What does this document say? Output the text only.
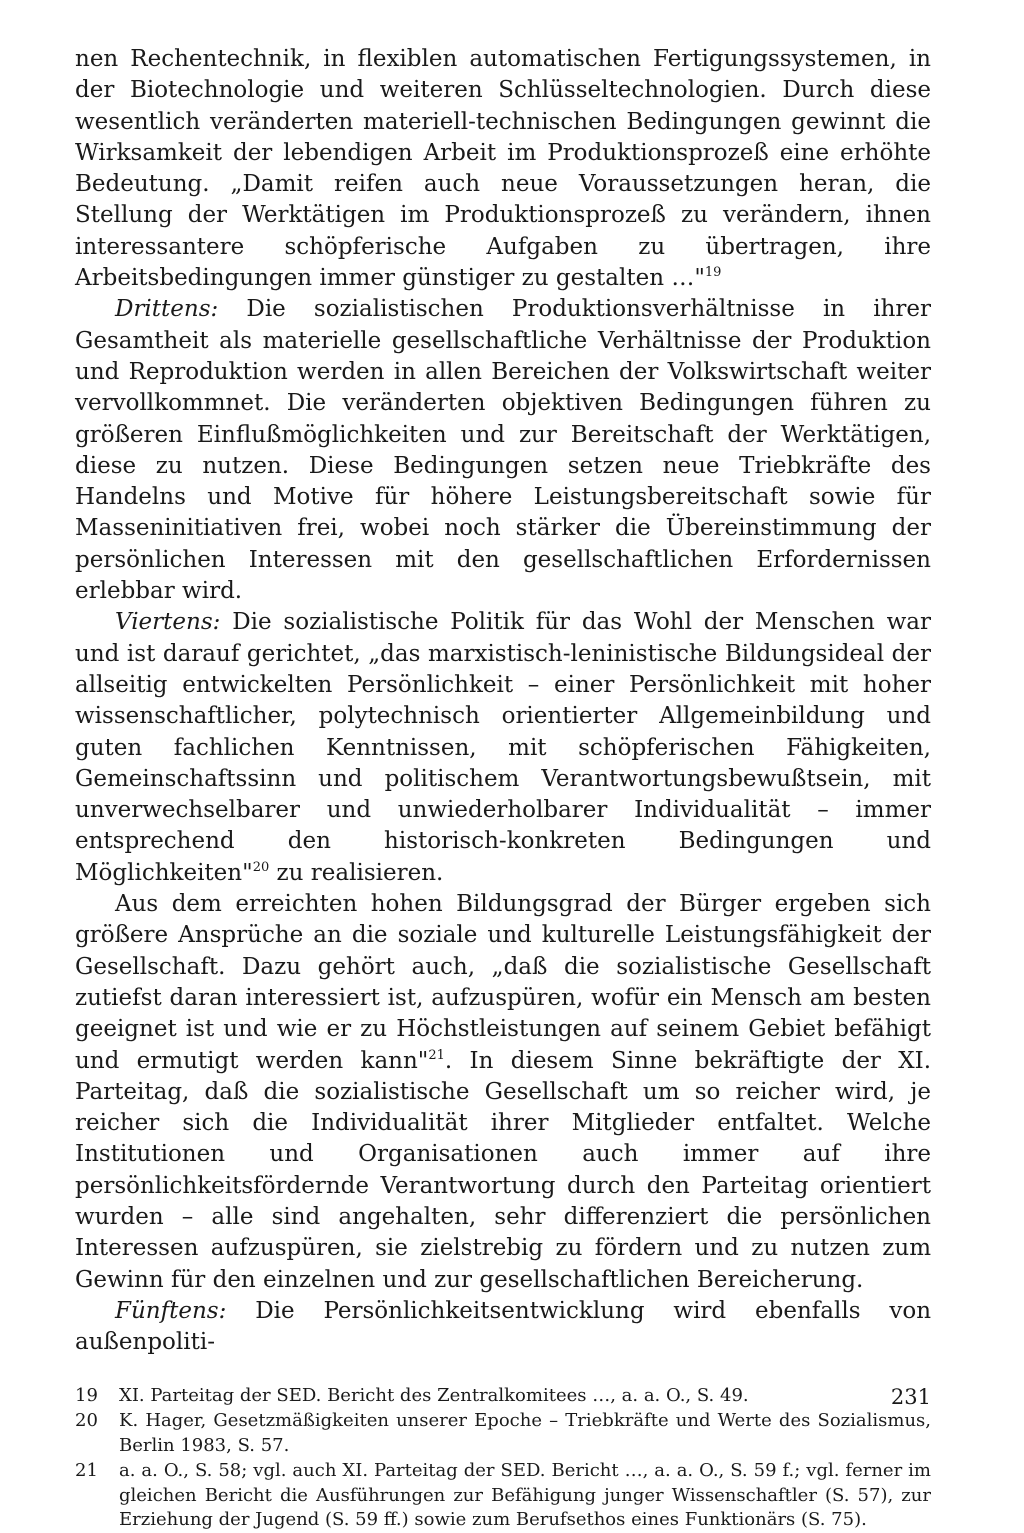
nen Rechentechnik, in flexiblen automatischen Fertigungssystemen, in der Biotechnologie und weiteren Schlüsseltechnologien. Durch diese wesentlich veränderten materiell-technischen Bedingungen gewinnt die Wirksamkeit der lebendigen Arbeit im Produktionsprozeß eine erhöhte Bedeutung. „Damit reifen auch neue Voraussetzungen heran, die Stellung der Werktätigen im Produktionsprozeß zu verändern, ihnen interessantere schöpferische Aufgaben zu übertragen, ihre Arbeitsbedingungen immer günstiger zu gestalten …"$^{19}$

Drittens: Die sozialistischen Produktionsverhältnisse in ihrer Gesamtheit als materielle gesellschaftliche Verhältnisse der Produktion und Reproduktion werden in allen Bereichen der Volkswirtschaft weiter vervollkommnet. Die veränderten objektiven Bedingungen führen zu größeren Einflußmöglichkeiten und zur Bereitschaft der Werktätigen, diese zu nutzen. Diese Bedingungen setzen neue Triebkräfte des Handelns und Motive für höhere Leistungsbereitschaft sowie für Masseninitiativen frei, wobei noch stärker die Übereinstimmung der persönlichen Interessen mit den gesellschaftlichen Erfordernissen erlebbar wird.

Viertens: Die sozialistische Politik für das Wohl der Menschen war und ist darauf gerichtet, „das marxistisch-leninistische Bildungsideal der allseitig entwickelten Persönlichkeit – einer Persönlichkeit mit hoher wissenschaftlicher, polytechnisch orientierter Allgemeinbildung und guten fachlichen Kenntnissen, mit schöpferischen Fähigkeiten, Gemeinschaftssinn und politischem Verantwortungsbewußtsein, mit unverwechselbarer und unwiederholbarer Individualität – immer entsprechend den historisch-konkreten Bedingungen und Möglichkeiten"$^{20}$ zu realisieren.

Aus dem erreichten hohen Bildungsgrad der Bürger ergeben sich größere Ansprüche an die soziale und kulturelle Leistungsfähigkeit der Gesellschaft. Dazu gehört auch, „daß die sozialistische Gesellschaft zutiefst daran interessiert ist, aufzuspüren, wofür ein Mensch am besten geeignet ist und wie er zu Höchstleistungen auf seinem Gebiet befähigt und ermutigt werden kann"$^{21}$. In diesem Sinne bekräftigte der XI. Parteitag, daß die sozialistische Gesellschaft um so reicher wird, je reicher sich die Individualität ihrer Mitglieder entfaltet. Welche Institutionen und Organisationen auch immer auf ihre persönlichkeitsfördernde Verantwortung durch den Parteitag orientiert wurden – alle sind angehalten, sehr differenziert die persönlichen Interessen aufzuspüren, sie zielstrebig zu fördern und zu nutzen zum Gewinn für den einzelnen und zur gesellschaftlichen Bereicherung.

Fünftens: Die Persönlichkeitsentwicklung wird ebenfalls von außenpoliti-

19 XI. Parteitag der SED. Bericht des Zentralkomitees …, a. a. O., S. 49.

20 K. Hager, Gesetzmäßigkeiten unserer Epoche – Triebkräfte und Werte des Sozialismus, Berlin 1983, S. 57.

21 a. a. O., S. 58; vgl. auch XI. Parteitag der SED. Bericht …, a. a. O., S. 59 f.; vgl. ferner im gleichen Bericht die Ausführungen zur Befähigung junger Wissenschaftler (S. 57), zur Erziehung der Jugend (S. 59 ff.) sowie zum Berufsethos eines Funktionärs (S. 75).

231
